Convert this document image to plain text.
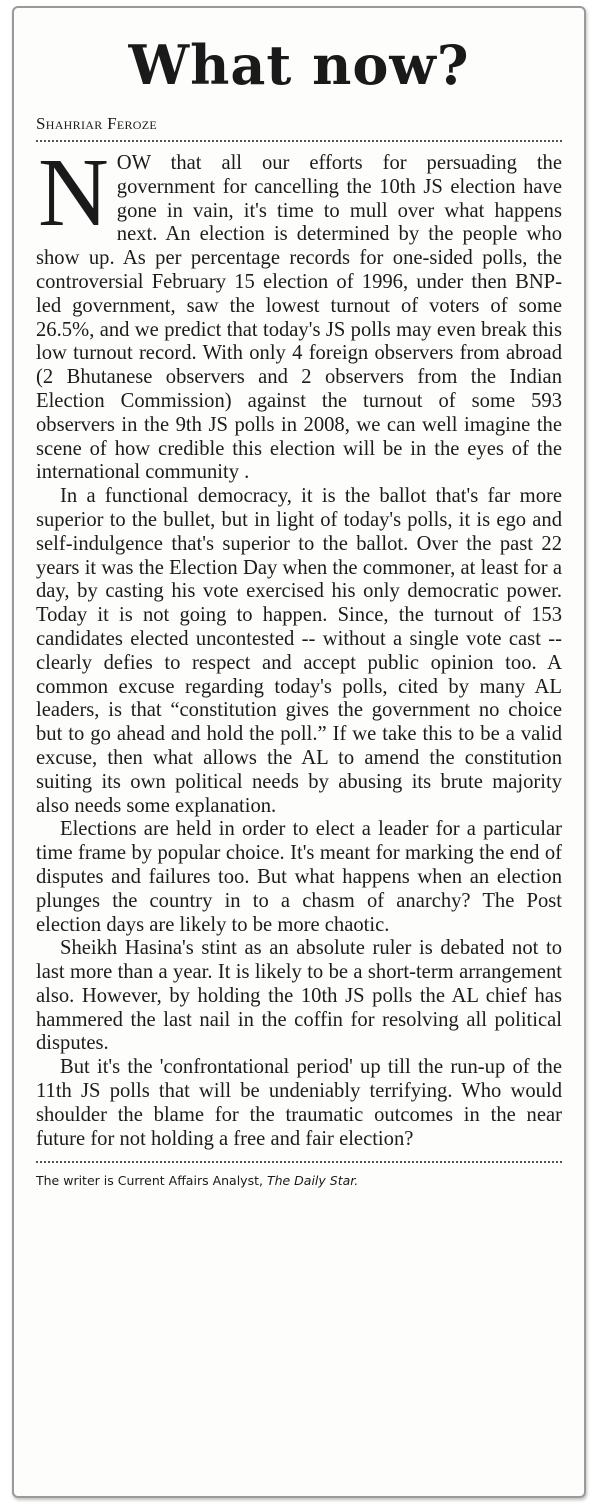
What now?
Shahriar Feroze

NOW that all our efforts for persuading the government for cancelling the 10th JS election have gone in vain, it's time to mull over what happens next. An election is determined by the people who show up. As per percentage records for one-sided polls, the controversial February 15 election of 1996, under then BNP- led government, saw the lowest turnout of voters of some 26.5%, and we predict that today's JS polls may even break this low turnout record. With only 4 foreign observers from abroad (2 Bhutanese observers and 2 observers from the Indian Election Commission) against the turnout of some 593 observers in the 9th JS polls in 2008, we can well imagine the scene of how credible this election will be in the eyes of the international community .

In a functional democracy, it is the ballot that's far more superior to the bullet, but in light of today's polls, it is ego and self-indulgence that's superior to the ballot. Over the past 22 years it was the Election Day when the commoner, at least for a day, by casting his vote exercised his only democratic power. Today it is not going to happen. Since, the turnout of 153 candidates elected uncontested -- without a single vote cast -- clearly defies to respect and accept public opinion too. A common excuse regarding today's polls, cited by many AL leaders, is that “constitution gives the government no choice but to go ahead and hold the poll.” If we take this to be a valid excuse, then what allows the AL to amend the constitution suiting its own political needs by abusing its brute majority also needs some explanation.

Elections are held in order to elect a leader for a particular time frame by popular choice. It's meant for marking the end of disputes and failures too. But what happens when an election plunges the country in to a chasm of anarchy? The Post election days are likely to be more chaotic.

Sheikh Hasina's stint as an absolute ruler is debated not to last more than a year. It is likely to be a short-term arrangement also. However, by holding the 10th JS polls the AL chief has hammered the last nail in the coffin for resolving all political disputes.

But it's the 'confrontational period' up till the run-up of the 11th JS polls that will be undeniably terrifying. Who would shoulder the blame for the traumatic outcomes in the near future for not holding a free and fair election?

The writer is Current Affairs Analyst, The Daily Star.
